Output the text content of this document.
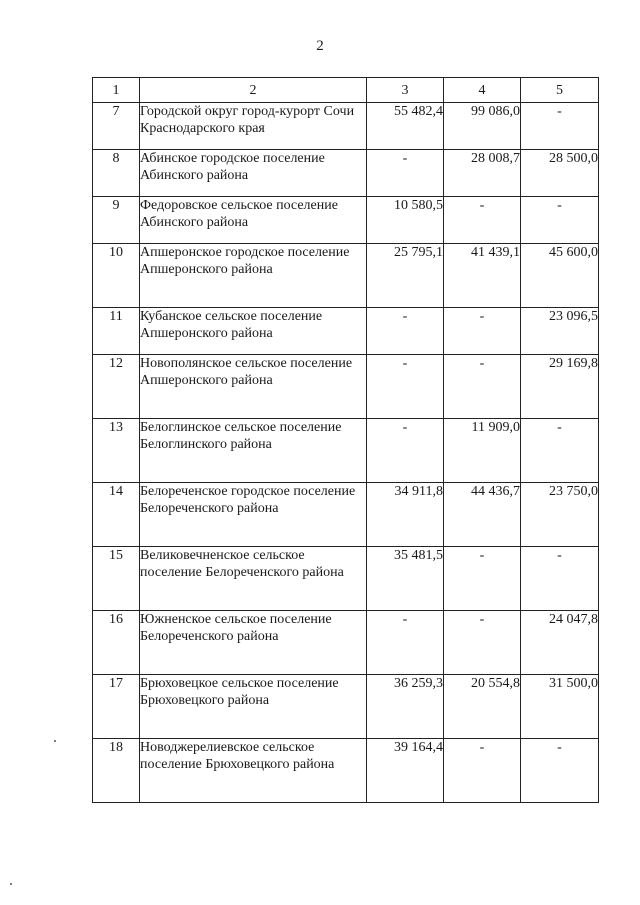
2
1	2	3	4	5
7	Городской округ город-курорт Сочи Краснодарского края	55 482,4	99 086,0	-
8	Абинское городское поселение Абинского района	-	28 008,7	28 500,0
9	Федоровское сельское поселение Абинского района	10 580,5	-	-
10	Апшеронское городское поселение Апшеронского района	25 795,1	41 439,1	45 600,0
11	Кубанское сельское поселение Апшеронского района	-	-	23 096,5
12	Новополянское сельское поселение Апшеронского района	-	-	29 169,8
13	Белоглинское сельское поселение Белоглинского района	-	11 909,0	-
14	Белореченское городское поселение Белореченского района	34 911,8	44 436,7	23 750,0
15	Великовечненское сельское поселение Белореченского района	35 481,5	-	-
16	Южненское сельское поселение Белореченского района	-	-	24 047,8
17	Брюховецкое сельское поселение Брюховецкого района	36 259,3	20 554,8	31 500,0
18	Новоджерелиевское сельское поселение Брюховецкого района	39 164,4	-	-
